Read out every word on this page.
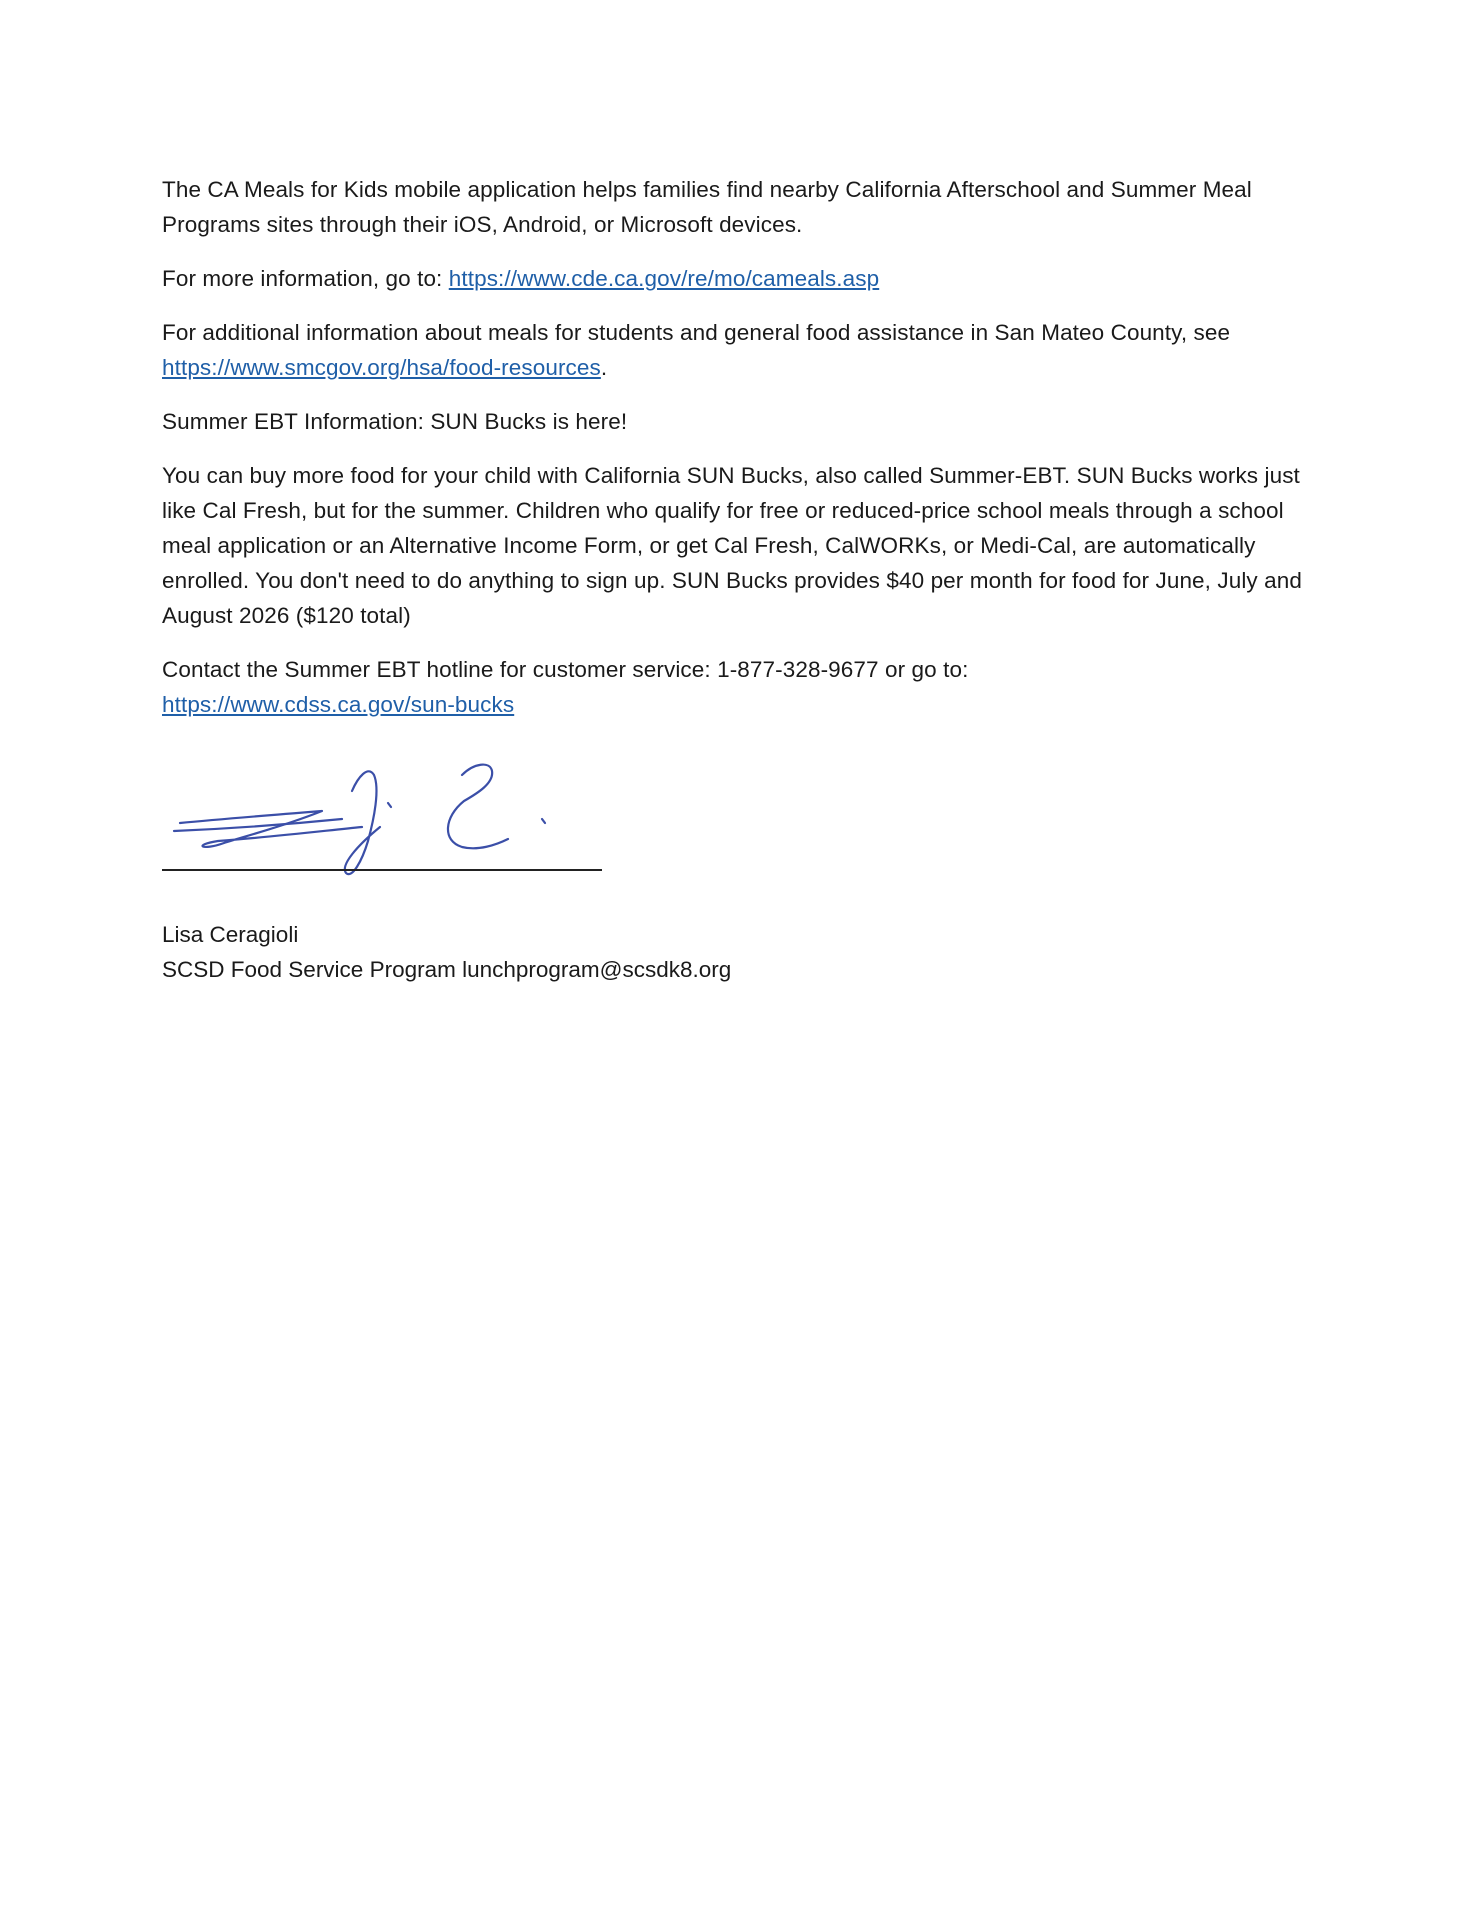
The CA Meals for Kids mobile application helps families find nearby California Afterschool and Summer Meal Programs sites through their iOS, Android, or Microsoft devices.

For more information, go to: https://www.cde.ca.gov/re/mo/cameals.asp

For additional information about meals for students and general food assistance in San Mateo County, see https://www.smcgov.org/hsa/food-resources.

Summer EBT Information: SUN Bucks is here!

You can buy more food for your child with California SUN Bucks, also called Summer-EBT. SUN Bucks works just like Cal Fresh, but for the summer. Children who qualify for free or reduced-price school meals through a school meal application or an Alternative Income Form, or get Cal Fresh, CalWORKs, or Medi-Cal, are automatically enrolled. You don't need to do anything to sign up. SUN Bucks provides $40 per month for food for June, July and August 2026 ($120 total)

Contact the Summer EBT hotline for customer service: 1-877-328-9677 or go to:
https://www.cdss.ca.gov/sun-bucks

Lisa Ceragioli
SCSD Food Service Program lunchprogram@scsdk8.org
